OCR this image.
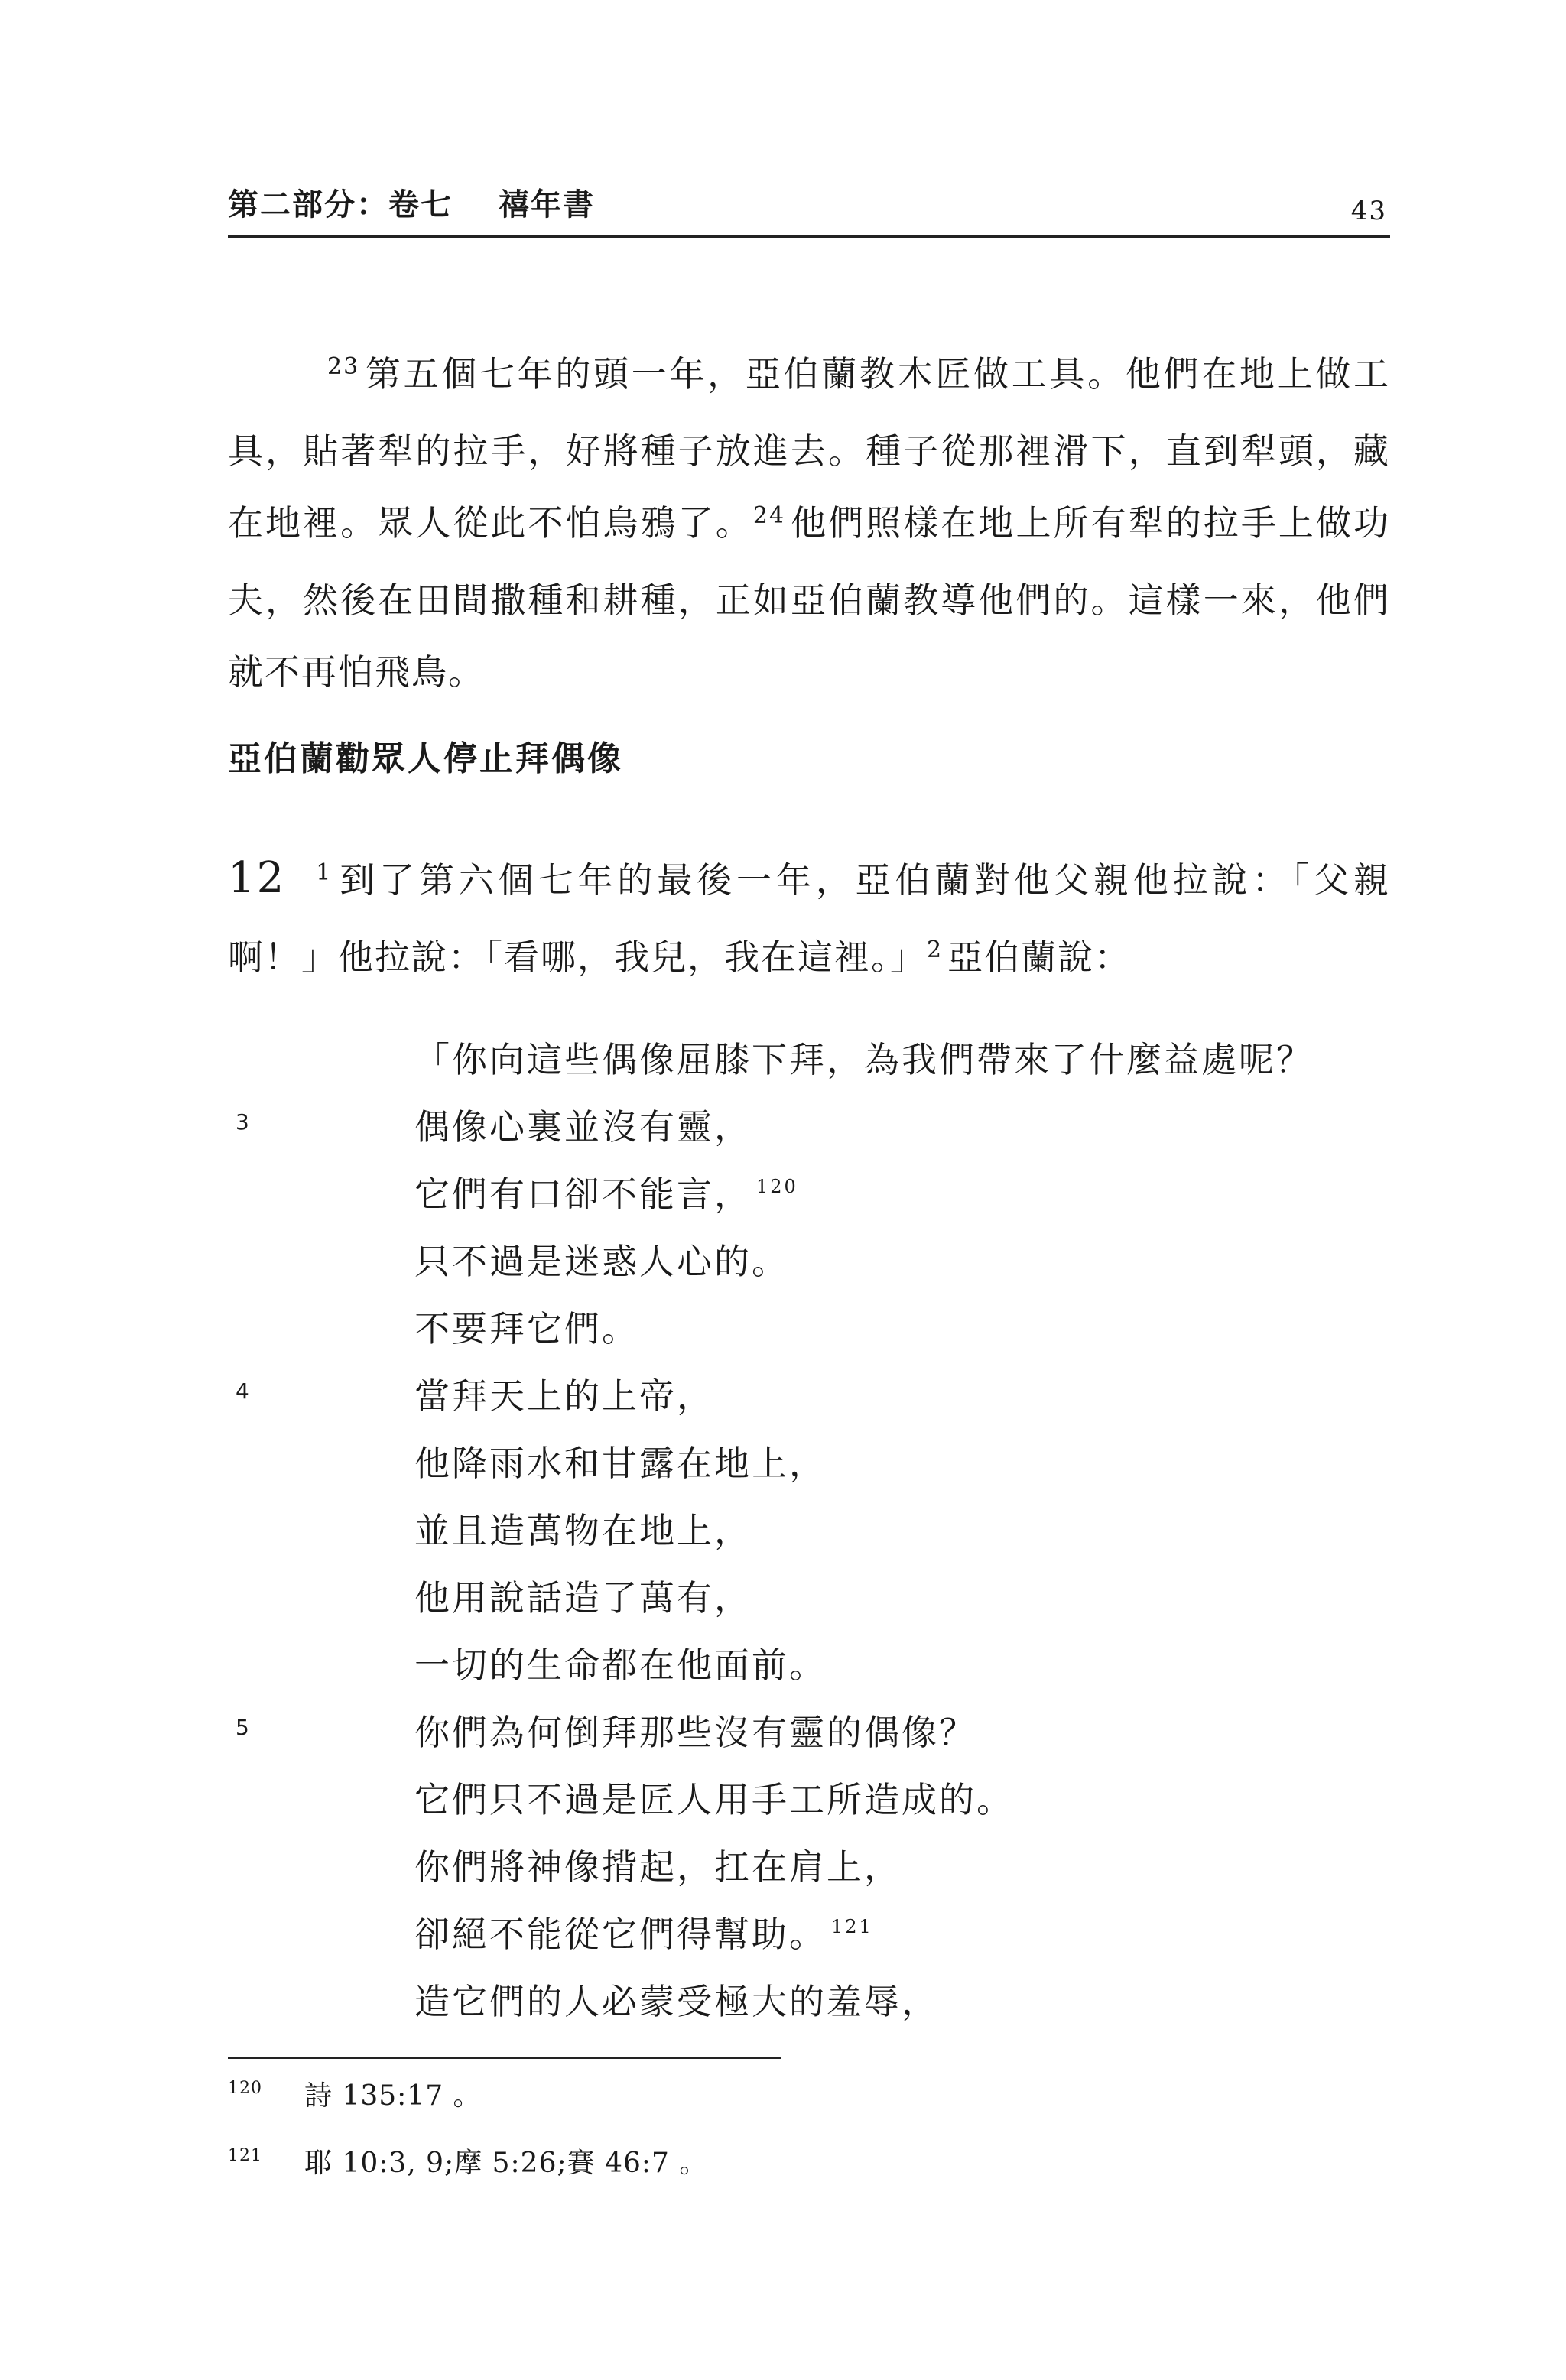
第二部分：卷七 禧年書	43
$^{23}$ 第五個七年的頭一年，亞伯蘭教木匠做工具。他們在地上做工具，貼著犁的拉手，好將種子放進去。種子從那裡滑下，直到犁頭，藏在地裡。眾人從此不怕烏鴉了。$^{24}$ 他們照樣在地上所有犁的拉手上做功夫，然後在田間撒種和耕種，正如亞伯蘭教導他們的。這樣一來，他們就不再怕飛鳥。
亞伯蘭勸眾人停止拜偶像
12 $^1$ 到了第六個七年的最後一年，亞伯蘭對他父親他拉說：「父親啊！」他拉說：「看哪，我兒，我在這裡。」$^2$ 亞伯蘭說：
「你向這些偶像屈膝下拜，為我們帶來了什麼益處呢？
3	偶像心裏並沒有靈，
它們有口卻不能言， $^{120}$
只不過是迷惑人心的。
不要拜它們。
4	當拜天上的上帝，
他降雨水和甘露在地上，
並且造萬物在地上，
他用說話造了萬有，
一切的生命都在他面前。
5	你們為何倒拜那些沒有靈的偶像？
它們只不過是匠人用手工所造成的。
你們將神像揹起，扛在肩上，
卻絕不能從它們得幫助。 $^{121}$
造它們的人必蒙受極大的羞辱，
120 詩 135:17 。
121 耶 10:3, 9;摩 5:26;賽 46:7 。
